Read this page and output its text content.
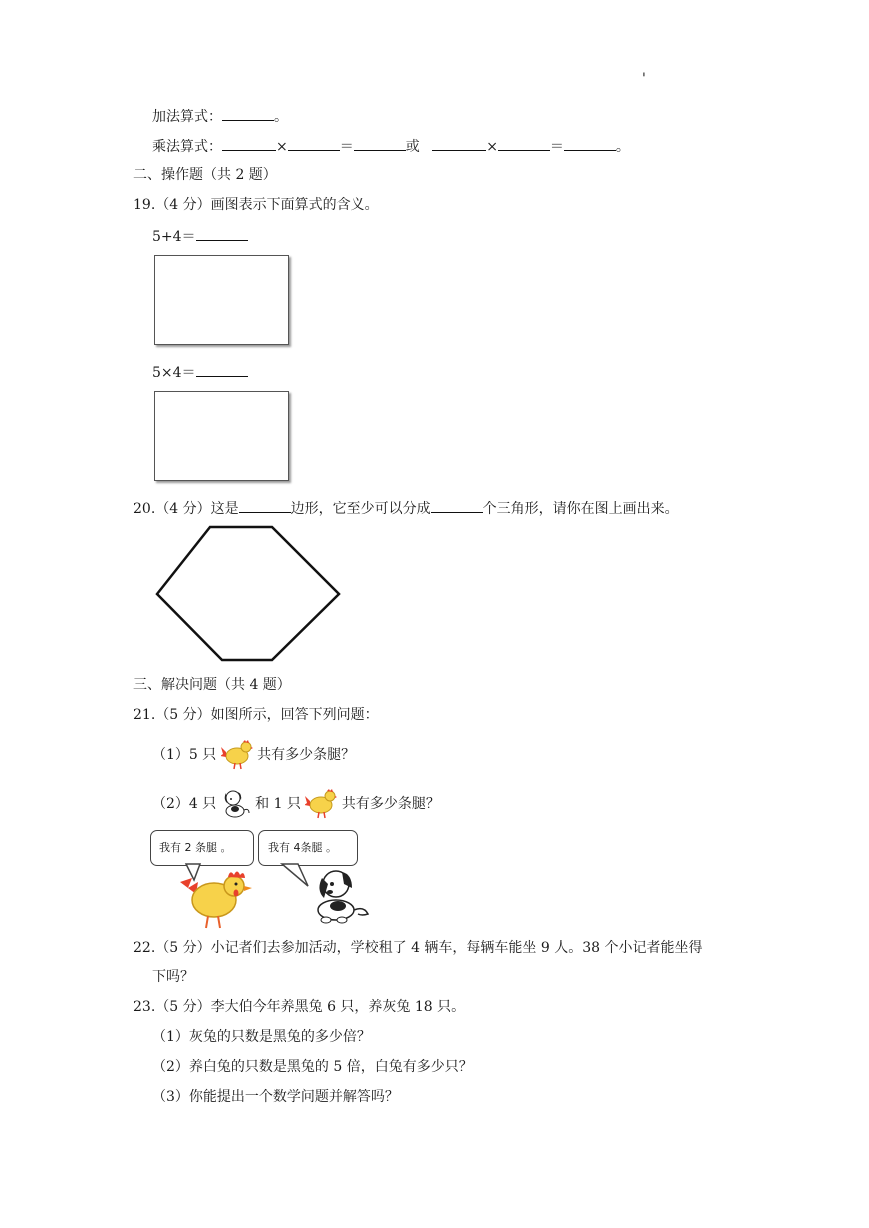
'
加法算式：	。
乘法算式：	×	＝	或	×	＝	。
二、操作题（共 2 题）
19.（4 分）画图表示下面算式的含义。
5+4＝
5×4＝
20.（4 分）这是	边形，它至少可以分成	个三角形，请你在图上画出来。
三、解决问题（共 4 题）
21.（5 分）如图所示，回答下列问题：
（1）5 只	共有多少条腿？
（2）4 只	和 1 只	共有多少条腿？
我有 2 条腿 。	我有 4条腿 。
22.（5 分）小记者们去参加活动，学校租了 4 辆车，每辆车能坐 9 人。38 个小记者能坐得
下吗？
23.（5 分）李大伯今年养黑兔 6 只，养灰兔 18 只。
（1）灰兔的只数是黑兔的多少倍？
（2）养白兔的只数是黑兔的 5 倍，白兔有多少只？
（3）你能提出一个数学问题并解答吗？
